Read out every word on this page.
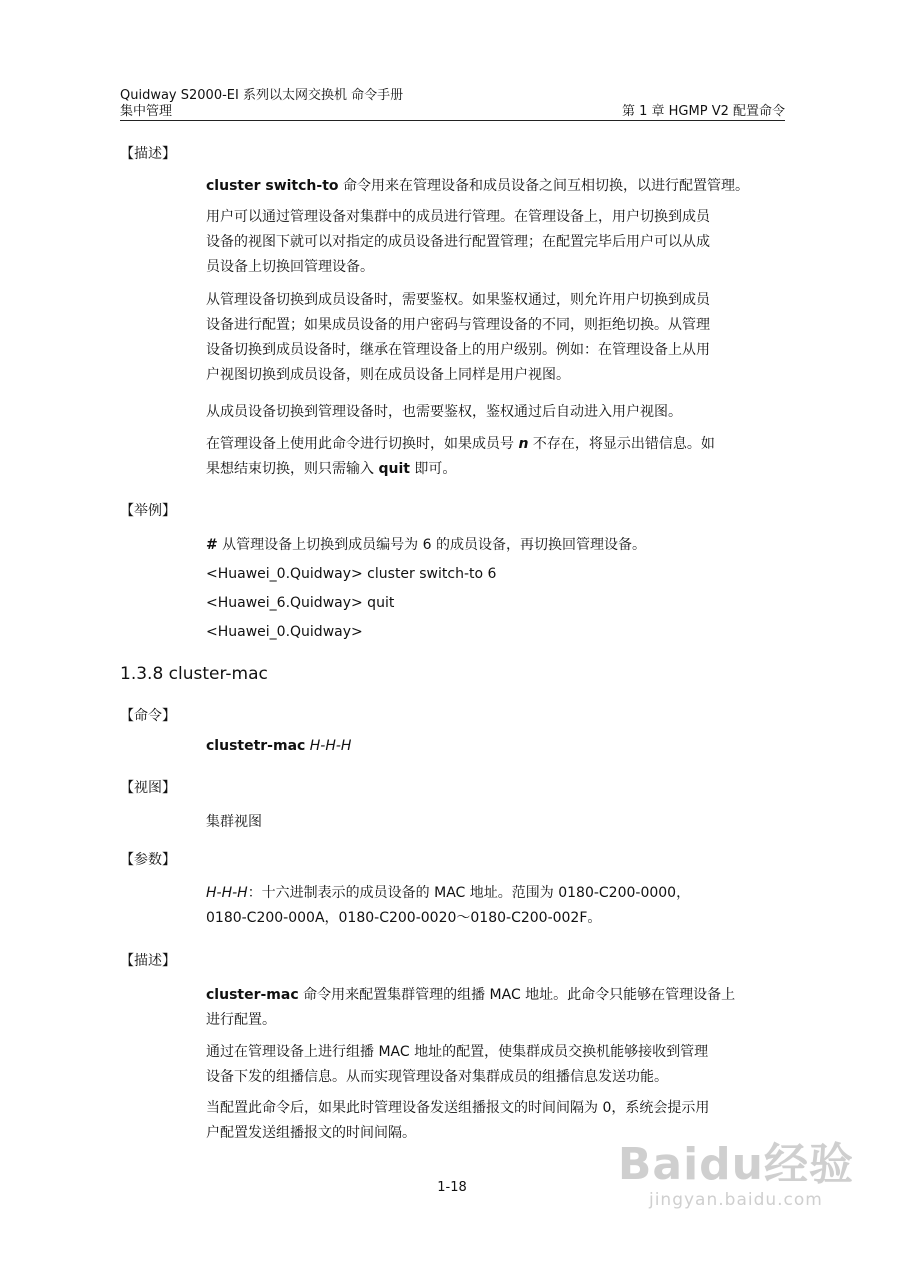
Quidway S2000-EI 系列以太网交换机 命令手册
集中管理	第 1 章 HGMP V2 配置命令
【描述】
cluster switch-to 命令用来在管理设备和成员设备之间互相切换，以进行配置管理。
用户可以通过管理设备对集群中的成员进行管理。在管理设备上，用户切换到成员
设备的视图下就可以对指定的成员设备进行配置管理；在配置完毕后用户可以从成
员设备上切换回管理设备。
从管理设备切换到成员设备时，需要鉴权。如果鉴权通过，则允许用户切换到成员
设备进行配置；如果成员设备的用户密码与管理设备的不同，则拒绝切换。从管理
设备切换到成员设备时，继承在管理设备上的用户级别。例如：在管理设备上从用
户视图切换到成员设备，则在成员设备上同样是用户视图。
从成员设备切换到管理设备时，也需要鉴权，鉴权通过后自动进入用户视图。
在管理设备上使用此命令进行切换时，如果成员号 n 不存在，将显示出错信息。如
果想结束切换，则只需输入 quit 即可。
【举例】
# 从管理设备上切换到成员编号为 6 的成员设备，再切换回管理设备。
<Huawei_0.Quidway> cluster switch-to 6
<Huawei_6.Quidway> quit
<Huawei_0.Quidway>
1.3.8 cluster-mac
【命令】
clustetr-mac H-H-H
【视图】
集群视图
【参数】
H-H-H：十六进制表示的成员设备的 MAC 地址。范围为 0180-C200-0000，
0180-C200-000A，0180-C200-0020～0180-C200-002F。
【描述】
cluster-mac 命令用来配置集群管理的组播 MAC 地址。此命令只能够在管理设备上
进行配置。
通过在管理设备上进行组播 MAC 地址的配置，使集群成员交换机能够接收到管理
设备下发的组播信息。从而实现管理设备对集群成员的组播信息发送功能。
当配置此命令后，如果此时管理设备发送组播报文的时间间隔为 0，系统会提示用
户配置发送组播报文的时间间隔。
1-18	Baidu经验
jingyan.baidu.com
